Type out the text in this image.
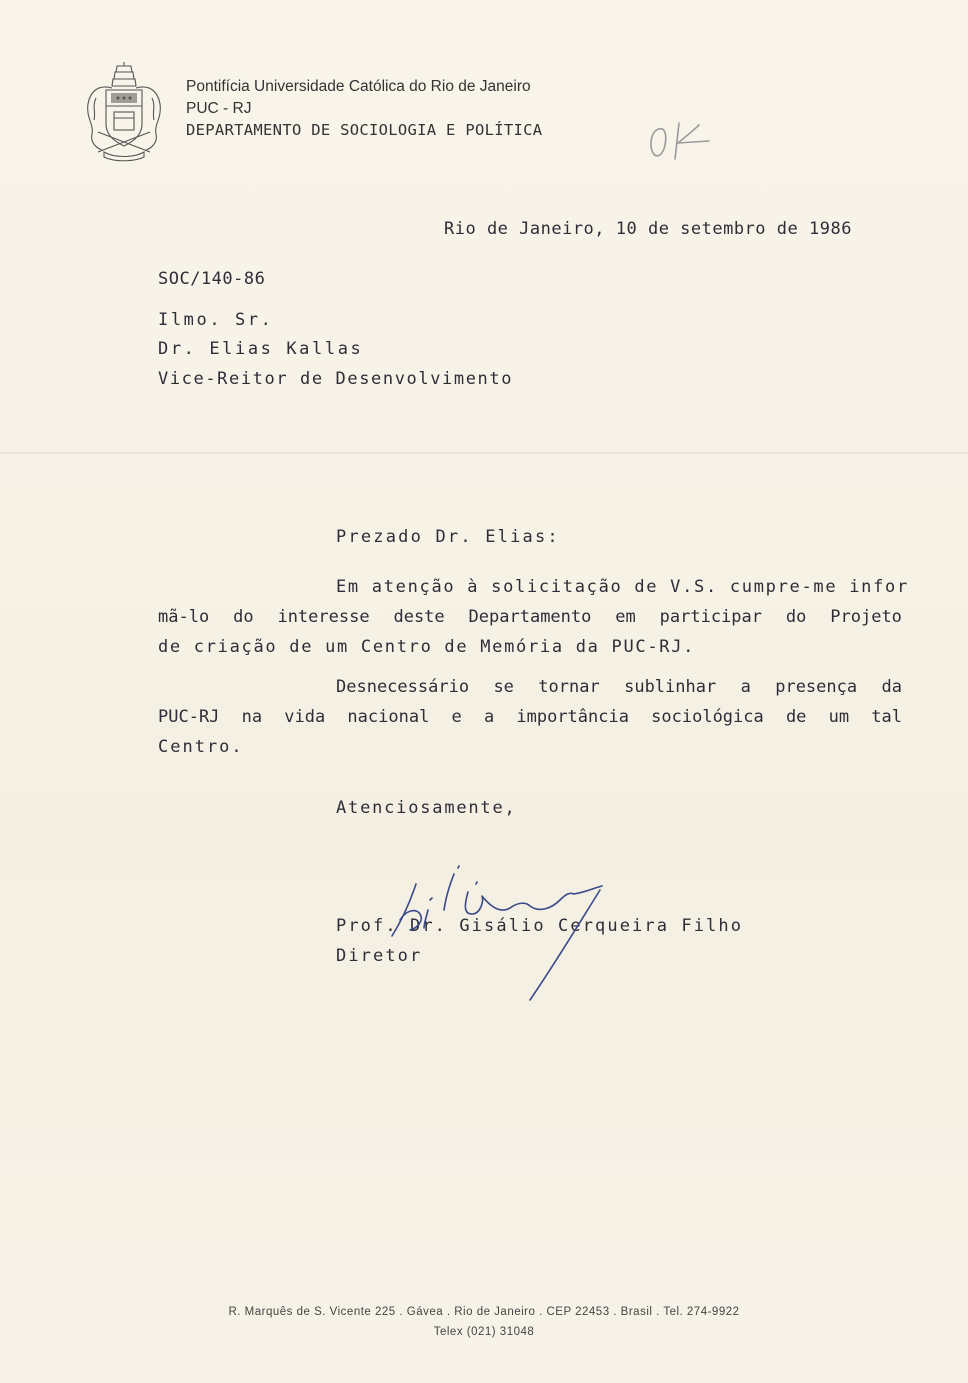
Pontifícia Universidade Católica do Rio de Janeiro
PUC - RJ
DEPARTAMENTO DE SOCIOLOGIA E POLÍTICA
Rio de Janeiro, 10 de setembro de 1986
SOC/140-86
Ilmo. Sr.
Dr. Elias Kallas
Vice-Reitor de Desenvolvimento
Prezado Dr. Elias:
Em atenção à solicitação de V.S. cumpre-me infor
mã-lo do interesse deste Departamento em participar do Projeto
de criação de um Centro de Memória da PUC-RJ.
Desnecessário se tornar sublinhar a presença da
PUC-RJ na vida nacional e a importância sociológica de um tal
Centro.
Atenciosamente,
Prof. Dr. Gisálio Cerqueira Filho
Diretor
R. Marquês de S. Vicente 225 . Gávea . Rio de Janeiro . CEP 22453 . Brasil . Tel. 274-9922
Telex (021) 31048
